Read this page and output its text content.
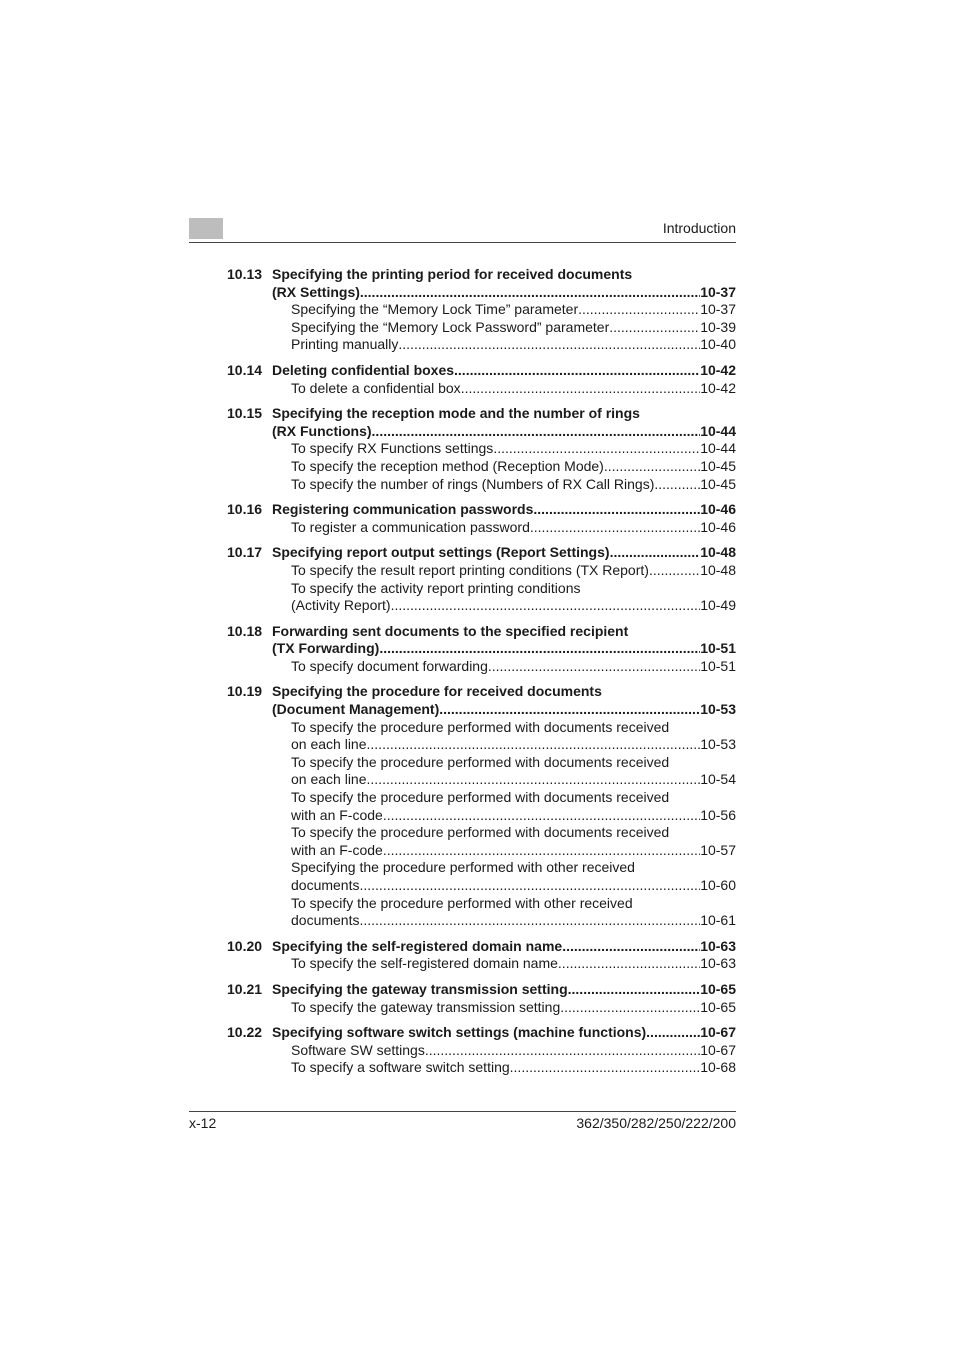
Introduction
10.13 Specifying the printing period for received documents
(RX Settings) .....	10-37
Specifying the “Memory Lock Time” parameter .....	10-37
Specifying the “Memory Lock Password” parameter .....	10-39
Printing manually .....	10-40
10.14 Deleting confidential boxes .....	10-42
To delete a confidential box .....	10-42
10.15 Specifying the reception mode and the number of rings
(RX Functions) .....	10-44
To specify RX Functions settings .....	10-44
To specify the reception method (Reception Mode) .....	10-45
To specify the number of rings (Numbers of RX Call Rings) .....	10-45
10.16 Registering communication passwords .....	10-46
To register a communication password .....	10-46
10.17 Specifying report output settings (Report Settings) .....	10-48
To specify the result report printing conditions (TX Report) .....	10-48
To specify the activity report printing conditions
(Activity Report) .....	10-49
10.18 Forwarding sent documents to the specified recipient
(TX Forwarding) .....	10-51
To specify document forwarding .....	10-51
10.19 Specifying the procedure for received documents
(Document Management) .....	10-53
To specify the procedure performed with documents received
on each line .....	10-53
To specify the procedure performed with documents received
on each line .....	10-54
To specify the procedure performed with documents received
with an F-code .....	10-56
To specify the procedure performed with documents received
with an F-code .....	10-57
Specifying the procedure performed with other received
documents .....	10-60
To specify the procedure performed with other received
documents .....	10-61
10.20 Specifying the self-registered domain name .....	10-63
To specify the self-registered domain name .....	10-63
10.21 Specifying the gateway transmission setting .....	10-65
To specify the gateway transmission setting .....	10-65
10.22 Specifying software switch settings (machine functions) .....	10-67
Software SW settings .....	10-67
To specify a software switch setting .....	10-68
x-12	362/350/282/250/222/200
